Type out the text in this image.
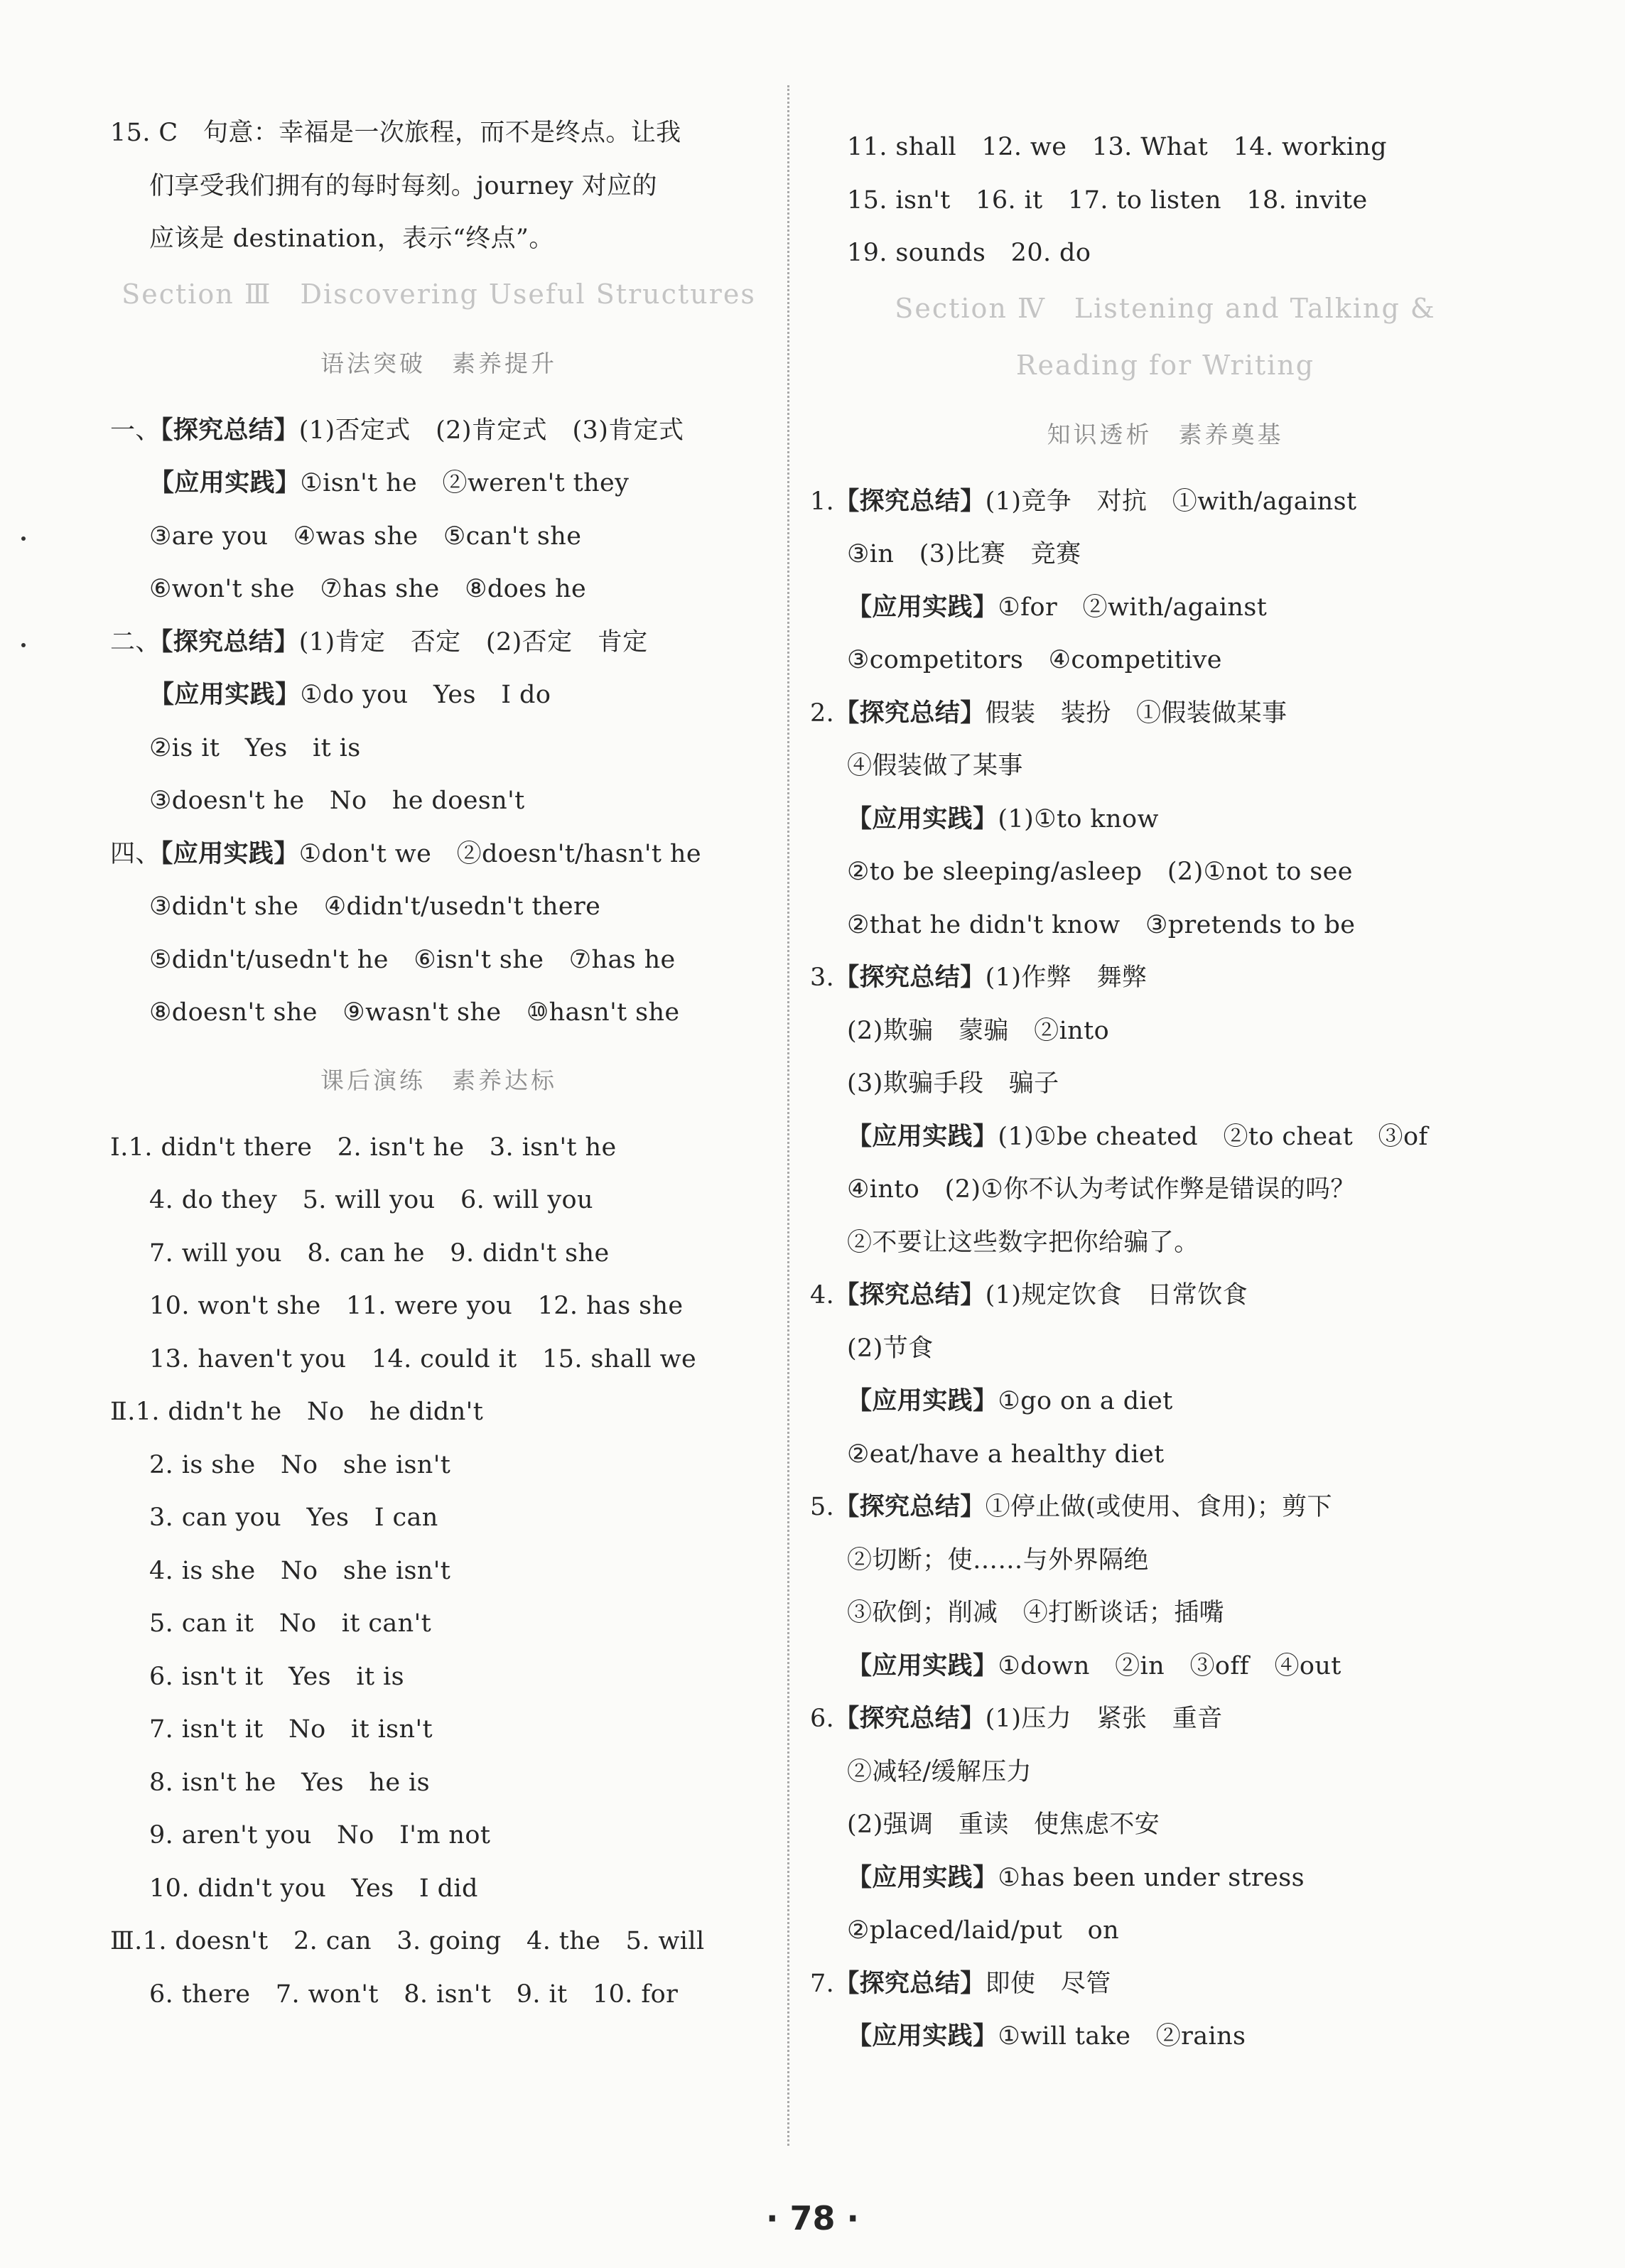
15. C　句意：幸福是一次旅程，而不是终点。让我
们享受我们拥有的每时每刻。journey 对应的
应该是 destination，表示“终点”。
Section Ⅲ　Discovering Useful Structures
语法突破　素养提升
一、【探究总结】(1)否定式　(2)肯定式　(3)肯定式
【应用实践】①isn't he　②weren't they
③are you　④was she　⑤can't she
⑥won't she　⑦has she　⑧does he
二、【探究总结】(1)肯定　否定　(2)否定　肯定
【应用实践】①do you　Yes　I do
②is it　Yes　it is
③doesn't he　No　he doesn't
四、【应用实践】①don't we　②doesn't/hasn't he
③didn't she　④didn't/usedn't there
⑤didn't/usedn't he　⑥isn't she　⑦has he
⑧doesn't she　⑨wasn't she　⑩hasn't she
课后演练　素养达标
Ⅰ.1. didn't there　2. isn't he　3. isn't he
4. do they　5. will you　6. will you
7. will you　8. can he　9. didn't she
10. won't she　11. were you　12. has she
13. haven't you　14. could it　15. shall we
Ⅱ.1. didn't he　No　he didn't
2. is she　No　she isn't
3. can you　Yes　I can
4. is she　No　she isn't
5. can it　No　it can't
6. isn't it　Yes　it is
7. isn't it　No　it isn't
8. isn't he　Yes　he is
9. aren't you　No　I'm not
10. didn't you　Yes　I did
Ⅲ.1. doesn't　2. can　3. going　4. the　5. will
6. there　7. won't　8. isn't　9. it　10. for
11. shall　12. we　13. What　14. working
15. isn't　16. it　17. to listen　18. invite
19. sounds　20. do
Section Ⅳ　Listening and Talking &
Reading for Writing
知识透析　素养奠基
1.【探究总结】(1)竞争　对抗　①with/against
③in　(3)比赛　竞赛
【应用实践】①for　②with/against
③competitors　④competitive
2.【探究总结】假装　装扮　①假装做某事
④假装做了某事
【应用实践】(1)①to know
②to be sleeping/asleep　(2)①not to see
②that he didn't know　③pretends to be
3.【探究总结】(1)作弊　舞弊
(2)欺骗　蒙骗　②into
(3)欺骗手段　骗子
【应用实践】(1)①be cheated　②to cheat　③of
④into　(2)①你不认为考试作弊是错误的吗？
②不要让这些数字把你给骗了。
4.【探究总结】(1)规定饮食　日常饮食
(2)节食
【应用实践】①go on a diet
②eat/have a healthy diet
5.【探究总结】①停止做(或使用、食用)；剪下
②切断；使……与外界隔绝
③砍倒；削减　④打断谈话；插嘴
【应用实践】①down　②in　③off　④out
6.【探究总结】(1)压力　紧张　重音
②减轻/缓解压力
(2)强调　重读　使焦虑不安
【应用实践】①has been under stress
②placed/laid/put　on
7.【探究总结】即使　尽管
【应用实践】①will take　②rains
· 78 ·
